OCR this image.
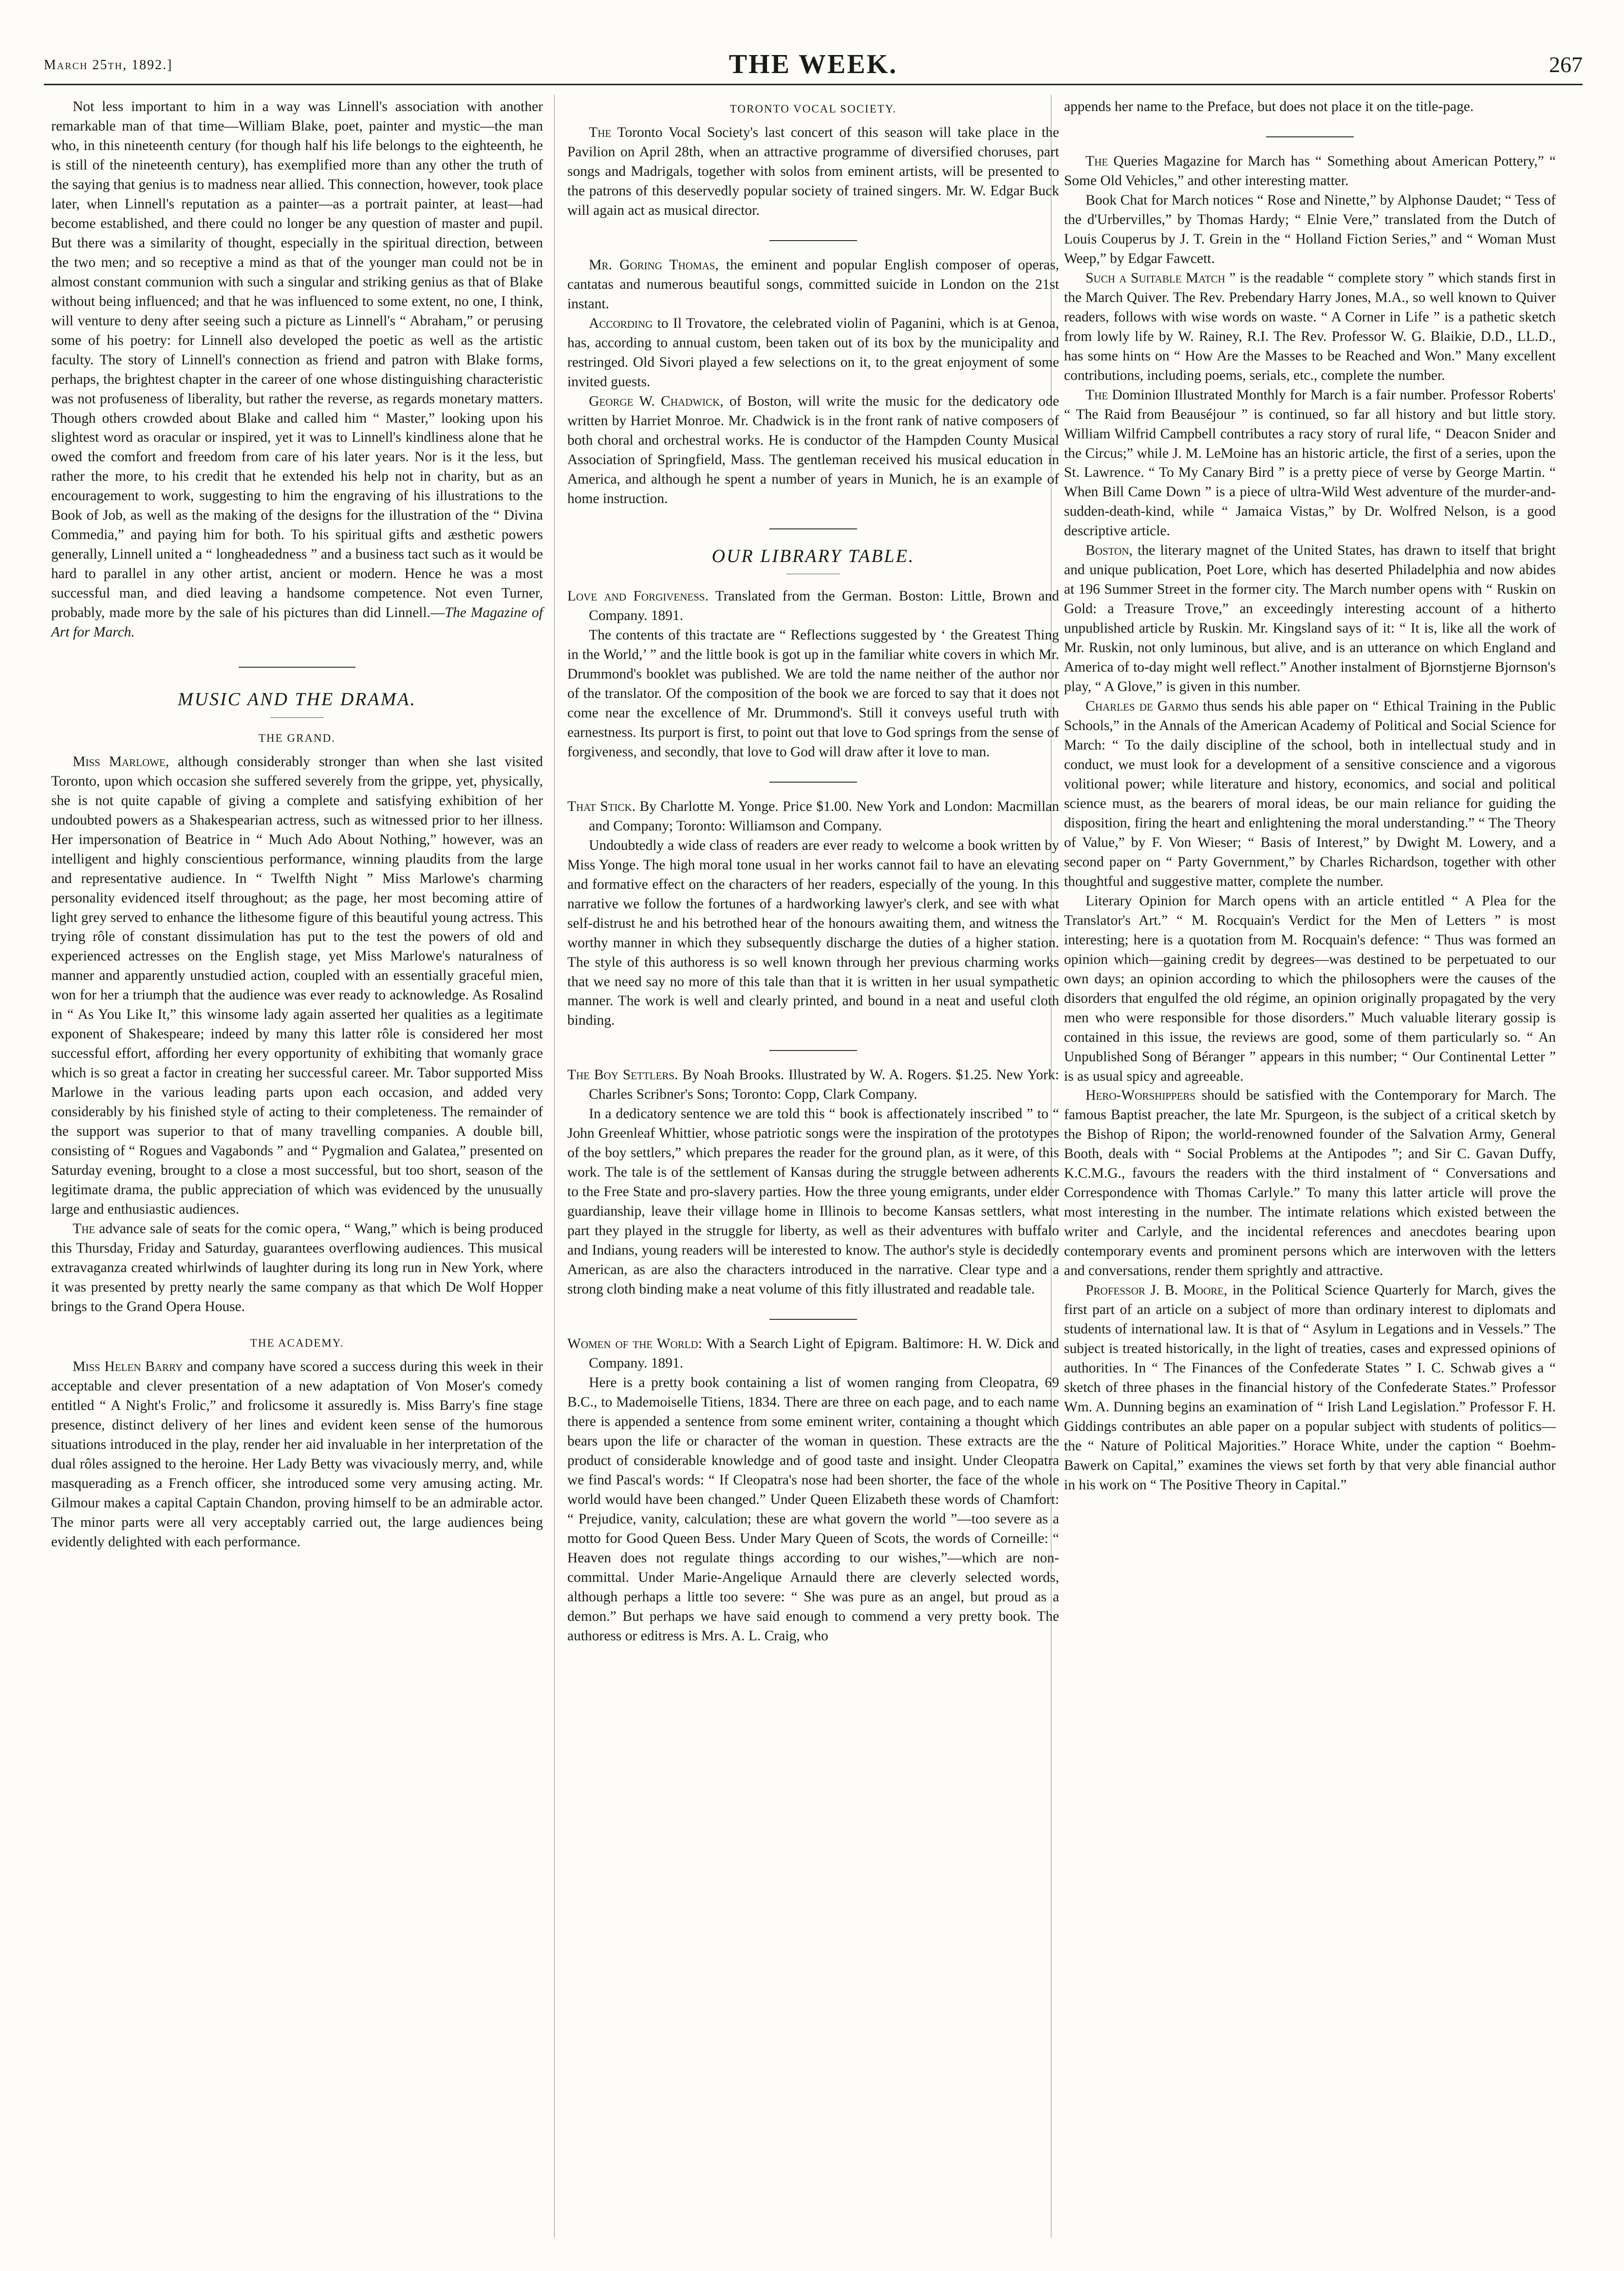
March 25th, 1892.]	THE WEEK.	267

Not less important to him in a way was Linnell's association with another remarkable man of that time—William Blake, poet, painter and mystic—the man who, in this nineteenth century (for though half his life belongs to the eighteenth, he is still of the nineteenth century), has exemplified more than any other the truth of the saying that genius is to madness near allied. This connection, however, took place later, when Linnell's reputation as a painter—as a portrait painter, at least—had become established, and there could no longer be any question of master and pupil. But there was a similarity of thought, especially in the spiritual direction, between the two men; and so receptive a mind as that of the younger man could not be in almost constant communion with such a singular and striking genius as that of Blake without being influenced; and that he was influenced to some extent, no one, I think, will venture to deny after seeing such a picture as Linnell's “ Abraham,” or perusing some of his poetry: for Linnell also developed the poetic as well as the artistic faculty. The story of Linnell's connection as friend and patron with Blake forms, perhaps, the brightest chapter in the career of one whose distinguishing characteristic was not profuseness of liberality, but rather the reverse, as regards monetary matters. Though others crowded about Blake and called him “ Master,” looking upon his slightest word as oracular or inspired, yet it was to Linnell's kindliness alone that he owed the comfort and freedom from care of his later years. Nor is it the less, but rather the more, to his credit that he extended his help not in charity, but as an encouragement to work, suggesting to him the engraving of his illustrations to the Book of Job, as well as the making of the designs for the illustration of the “ Divina Commedia,” and paying him for both. To his spiritual gifts and æsthetic powers generally, Linnell united a “ longheadedness ” and a business tact such as it would be hard to parallel in any other artist, ancient or modern. Hence he was a most successful man, and died leaving a handsome competence. Not even Turner, probably, made more by the sale of his pictures than did Linnell.—The Magazine of Art for March.

MUSIC AND THE DRAMA.
THE GRAND.

Miss Marlowe, although considerably stronger than when she last visited Toronto, upon which occasion she suffered severely from the grippe, yet, physically, she is not quite capable of giving a complete and satisfying exhibition of her undoubted powers as a Shakespearian actress, such as witnessed prior to her illness. Her impersonation of Beatrice in “ Much Ado About Nothing,” however, was an intelligent and highly conscientious performance, winning plaudits from the large and representative audience. In “ Twelfth Night ” Miss Marlowe's charming personality evidenced itself throughout; as the page, her most becoming attire of light grey served to enhance the lithesome figure of this beautiful young actress. This trying rôle of constant dissimulation has put to the test the powers of old and experienced actresses on the English stage, yet Miss Marlowe's naturalness of manner and apparently unstudied action, coupled with an essentially graceful mien, won for her a triumph that the audience was ever ready to acknowledge. As Rosalind in “ As You Like It,” this winsome lady again asserted her qualities as a legitimate exponent of Shakespeare; indeed by many this latter rôle is considered her most successful effort, affording her every opportunity of exhibiting that womanly grace which is so great a factor in creating her successful career. Mr. Tabor supported Miss Marlowe in the various leading parts upon each occasion, and added very considerably by his finished style of acting to their completeness. The remainder of the support was superior to that of many travelling companies. A double bill, consisting of “ Rogues and Vagabonds ” and “ Pygmalion and Galatea,” presented on Saturday evening, brought to a close a most successful, but too short, season of the legitimate drama, the public appreciation of which was evidenced by the unusually large and enthusiastic audiences.

The advance sale of seats for the comic opera, “ Wang,” which is being produced this Thursday, Friday and Saturday, guarantees overflowing audiences. This musical extravaganza created whirlwinds of laughter during its long run in New York, where it was presented by pretty nearly the same company as that which De Wolf Hopper brings to the Grand Opera House.

THE ACADEMY.

Miss Helen Barry and company have scored a success during this week in their acceptable and clever presentation of a new adaptation of Von Moser's comedy entitled “ A Night's Frolic,” and frolicsome it assuredly is. Miss Barry's fine stage presence, distinct delivery of her lines and evident keen sense of the humorous situations introduced in the play, render her aid invaluable in her interpretation of the dual rôles assigned to the heroine. Her Lady Betty was vivaciously merry, and, while masquerading as a French officer, she introduced some very amusing acting. Mr. Gilmour makes a capital Captain Chandon, proving himself to be an admirable actor. The minor parts were all very acceptably carried out, the large audiences being evidently delighted with each performance.

TORONTO VOCAL SOCIETY.

The Toronto Vocal Society's last concert of this season will take place in the Pavilion on April 28th, when an attractive programme of diversified choruses, part songs and Madrigals, together with solos from eminent artists, will be presented to the patrons of this deservedly popular society of trained singers. Mr. W. Edgar Buck will again act as musical director.

Mr. Goring Thomas, the eminent and popular English composer of operas, cantatas and numerous beautiful songs, committed suicide in London on the 21st instant.

According to Il Trovatore, the celebrated violin of Paganini, which is at Genoa, has, according to annual custom, been taken out of its box by the municipality and restringed. Old Sivori played a few selections on it, to the great enjoyment of some invited guests.

George W. Chadwick, of Boston, will write the music for the dedicatory ode written by Harriet Monroe. Mr. Chadwick is in the front rank of native composers of both choral and orchestral works. He is conductor of the Hampden County Musical Association of Springfield, Mass. The gentleman received his musical education in America, and although he spent a number of years in Munich, he is an example of home instruction.

OUR LIBRARY TABLE.

Love and Forgiveness. Translated from the German. Boston: Little, Brown and Company. 1891.

The contents of this tractate are “ Reflections suggested by ‘ the Greatest Thing in the World,’ ” and the little book is got up in the familiar white covers in which Mr. Drummond's booklet was published. We are told the name neither of the author nor of the translator. Of the composition of the book we are forced to say that it does not come near the excellence of Mr. Drummond's. Still it conveys useful truth with earnestness. Its purport is first, to point out that love to God springs from the sense of forgiveness, and secondly, that love to God will draw after it love to man.

That Stick. By Charlotte M. Yonge. Price $1.00. New York and London: Macmillan and Company; Toronto: Williamson and Company.

Undoubtedly a wide class of readers are ever ready to welcome a book written by Miss Yonge. The high moral tone usual in her works cannot fail to have an elevating and formative effect on the characters of her readers, especially of the young. In this narrative we follow the fortunes of a hardworking lawyer's clerk, and see with what self-distrust he and his betrothed hear of the honours awaiting them, and witness the worthy manner in which they subsequently discharge the duties of a higher station. The style of this authoress is so well known through her previous charming works that we need say no more of this tale than that it is written in her usual sympathetic manner. The work is well and clearly printed, and bound in a neat and useful cloth binding.

The Boy Settlers. By Noah Brooks. Illustrated by W. A. Rogers. $1.25. New York: Charles Scribner's Sons; Toronto: Copp, Clark Company.

In a dedicatory sentence we are told this “ book is affectionately inscribed ” to “ John Greenleaf Whittier, whose patriotic songs were the inspiration of the prototypes of the boy settlers,” which prepares the reader for the ground plan, as it were, of this work. The tale is of the settlement of Kansas during the struggle between adherents to the Free State and pro-slavery parties. How the three young emigrants, under elder guardianship, leave their village home in Illinois to become Kansas settlers, what part they played in the struggle for liberty, as well as their adventures with buffalo and Indians, young readers will be interested to know. The author's style is decidedly American, as are also the characters introduced in the narrative. Clear type and a strong cloth binding make a neat volume of this fitly illustrated and readable tale.

Women of the World: With a Search Light of Epigram. Baltimore: H. W. Dick and Company. 1891.

Here is a pretty book containing a list of women ranging from Cleopatra, 69 B.C., to Mademoiselle Titiens, 1834. There are three on each page, and to each name there is appended a sentence from some eminent writer, containing a thought which bears upon the life or character of the woman in question. These extracts are the product of considerable knowledge and of good taste and insight. Under Cleopatra we find Pascal's words: “ If Cleopatra's nose had been shorter, the face of the whole world would have been changed.” Under Queen Elizabeth these words of Chamfort: “ Prejudice, vanity, calculation; these are what govern the world ”—too severe as a motto for Good Queen Bess. Under Mary Queen of Scots, the words of Corneille: “ Heaven does not regulate things according to our wishes,”—which are non-committal. Under Marie-Angelique Arnauld there are cleverly selected words, although perhaps a little too severe: “ She was pure as an angel, but proud as a demon.” But perhaps we have said enough to commend a very pretty book. The authoress or editress is Mrs. A. L. Craig, who

appends her name to the Preface, but does not place it on the title-page.

The Queries Magazine for March has “ Something about American Pottery,” “ Some Old Vehicles,” and other interesting matter.

Book Chat for March notices “ Rose and Ninette,” by Alphonse Daudet; “ Tess of the d'Urbervilles,” by Thomas Hardy; “ Elnie Vere,” translated from the Dutch of Louis Couperus by J. T. Grein in the “ Holland Fiction Series,” and “ Woman Must Weep,” by Edgar Fawcett.

Such a Suitable Match ” is the readable “ complete story ” which stands first in the March Quiver. The Rev. Prebendary Harry Jones, M.A., so well known to Quiver readers, follows with wise words on waste. “ A Corner in Life ” is a pathetic sketch from lowly life by W. Rainey, R.I. The Rev. Professor W. G. Blaikie, D.D., LL.D., has some hints on “ How Are the Masses to be Reached and Won.” Many excellent contributions, including poems, serials, etc., complete the number.

The Dominion Illustrated Monthly for March is a fair number. Professor Roberts' “ The Raid from Beauséjour ” is continued, so far all history and but little story. William Wilfrid Campbell contributes a racy story of rural life, “ Deacon Snider and the Circus;” while J. M. LeMoine has an historic article, the first of a series, upon the St. Lawrence. “ To My Canary Bird ” is a pretty piece of verse by George Martin. “ When Bill Came Down ” is a piece of ultra-Wild West adventure of the murder-and-sudden-death-kind, while “ Jamaica Vistas,” by Dr. Wolfred Nelson, is a good descriptive article.

Boston, the literary magnet of the United States, has drawn to itself that bright and unique publication, Poet Lore, which has deserted Philadelphia and now abides at 196 Summer Street in the former city. The March number opens with “ Ruskin on Gold: a Treasure Trove,” an exceedingly interesting account of a hitherto unpublished article by Ruskin. Mr. Kingsland says of it: “ It is, like all the work of Mr. Ruskin, not only luminous, but alive, and is an utterance on which England and America of to-day might well reflect.” Another instalment of Bjornstjerne Bjornson's play, “ A Glove,” is given in this number.

Charles de Garmo thus sends his able paper on “ Ethical Training in the Public Schools,” in the Annals of the American Academy of Political and Social Science for March: “ To the daily discipline of the school, both in intellectual study and in conduct, we must look for a development of a sensitive conscience and a vigorous volitional power; while literature and history, economics, and social and political science must, as the bearers of moral ideas, be our main reliance for guiding the disposition, firing the heart and enlightening the moral understanding.” “ The Theory of Value,” by F. Von Wieser; “ Basis of Interest,” by Dwight M. Lowery, and a second paper on “ Party Government,” by Charles Richardson, together with other thoughtful and suggestive matter, complete the number.

Literary Opinion for March opens with an article entitled “ A Plea for the Translator's Art.” “ M. Rocquain's Verdict for the Men of Letters ” is most interesting; here is a quotation from M. Rocquain's defence: “ Thus was formed an opinion which—gaining credit by degrees—was destined to be perpetuated to our own days; an opinion according to which the philosophers were the causes of the disorders that engulfed the old régime, an opinion originally propagated by the very men who were responsible for those disorders.” Much valuable literary gossip is contained in this issue, the reviews are good, some of them particularly so. “ An Unpublished Song of Béranger ” appears in this number; “ Our Continental Letter ” is as usual spicy and agreeable.

Hero-Worshippers should be satisfied with the Contemporary for March. The famous Baptist preacher, the late Mr. Spurgeon, is the subject of a critical sketch by the Bishop of Ripon; the world-renowned founder of the Salvation Army, General Booth, deals with “ Social Problems at the Antipodes ”; and Sir C. Gavan Duffy, K.C.M.G., favours the readers with the third instalment of “ Conversations and Correspondence with Thomas Carlyle.” To many this latter article will prove the most interesting in the number. The intimate relations which existed between the writer and Carlyle, and the incidental references and anecdotes bearing upon contemporary events and prominent persons which are interwoven with the letters and conversations, render them sprightly and attractive.

Professor J. B. Moore, in the Political Science Quarterly for March, gives the first part of an article on a subject of more than ordinary interest to diplomats and students of international law. It is that of “ Asylum in Legations and in Vessels.” The subject is treated historically, in the light of treaties, cases and expressed opinions of authorities. In “ The Finances of the Confederate States ” I. C. Schwab gives a “ sketch of three phases in the financial history of the Confederate States.” Professor Wm. A. Dunning begins an examination of “ Irish Land Legislation.” Professor F. H. Giddings contributes an able paper on a popular subject with students of politics—the “ Nature of Political Majorities.” Horace White, under the caption “ Boehm-Bawerk on Capital,” examines the views set forth by that very able financial author in his work on “ The Positive Theory in Capital.”
